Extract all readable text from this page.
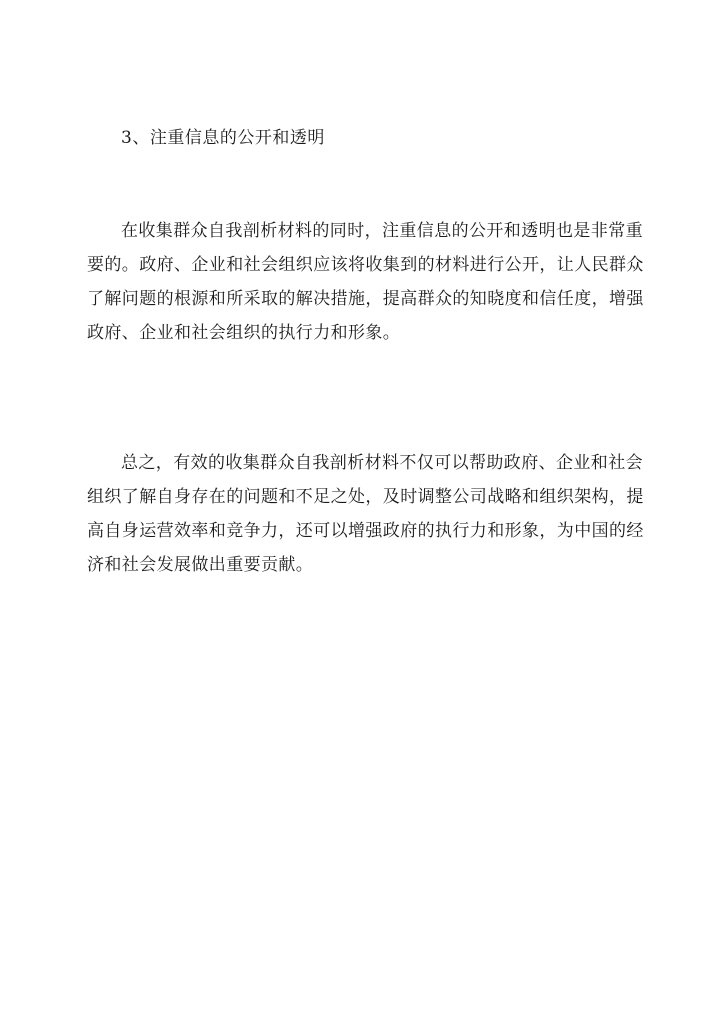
3、注重信息的公开和透明
在收集群众自我剖析材料的同时，注重信息的公开和透明也是非常重
要的。政府、企业和社会组织应该将收集到的材料进行公开，让人民群众
了解问题的根源和所采取的解决措施，提高群众的知晓度和信任度，增强
政府、企业和社会组织的执行力和形象。
总之，有效的收集群众自我剖析材料不仅可以帮助政府、企业和社会
组织了解自身存在的问题和不足之处，及时调整公司战略和组织架构，提
高自身运营效率和竞争力，还可以增强政府的执行力和形象，为中国的经
济和社会发展做出重要贡献。
